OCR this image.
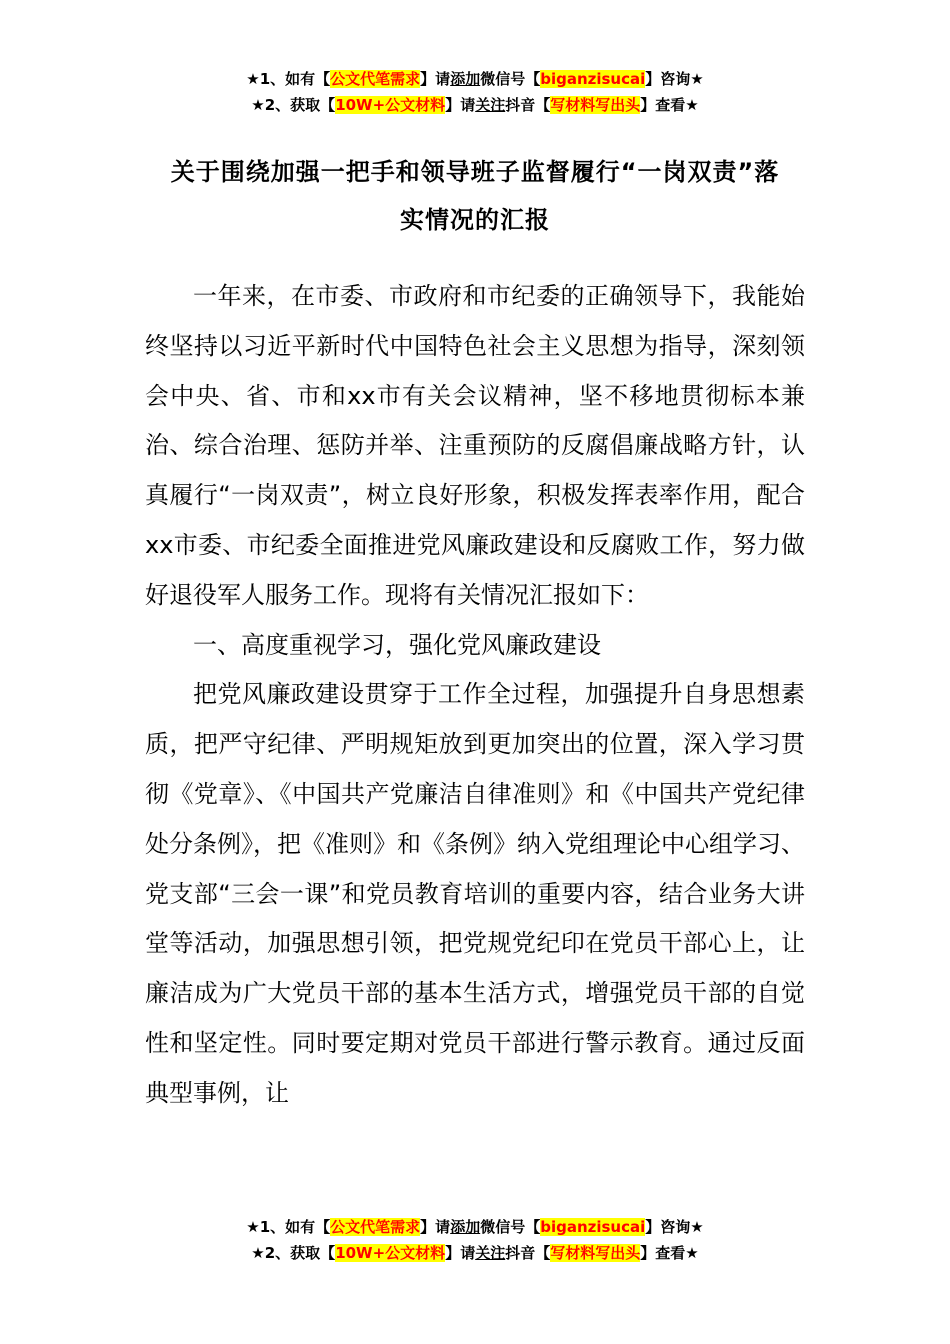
★1、如有【公文代笔需求】请添加微信号【biganzisucai】咨询★
★2、获取【10W+公文材料】请关注抖音【写材料写出头】查看★
关于围绕加强一把手和领导班子监督履行“一岗双责”落
实情况的汇报

一年来，在市委、市政府和市纪委的正确领导下，我能始终坚持以习近平新时代中国特色社会主义思想为指导，深刻领会中央、省、市和xx市有关会议精神，坚不移地贯彻标本兼治、综合治理、惩防并举、注重预防的反腐倡廉战略方针，认真履行“一岗双责”，树立良好形象，积极发挥表率作用，配合xx市委、市纪委全面推进党风廉政建设和反腐败工作，努力做好退役军人服务工作。现将有关情况汇报如下：

一、高度重视学习，强化党风廉政建设

把党风廉政建设贯穿于工作全过程，加强提升自身思想素质，把严守纪律、严明规矩放到更加突出的位置，深入学习贯彻《党章》、《中国共产党廉洁自律准则》和《中国共产党纪律处分条例》，把《准则》和《条例》纳入党组理论中心组学习、党支部“三会一课”和党员教育培训的重要内容，结合业务大讲堂等活动，加强思想引领，把党规党纪印在党员干部心上，让廉洁成为广大党员干部的基本生活方式，增强党员干部的自觉性和坚定性。同时要定期对党员干部进行警示教育。通过反面典型事例，让

★1、如有【公文代笔需求】请添加微信号【biganzisucai】咨询★
★2、获取【10W+公文材料】请关注抖音【写材料写出头】查看★
